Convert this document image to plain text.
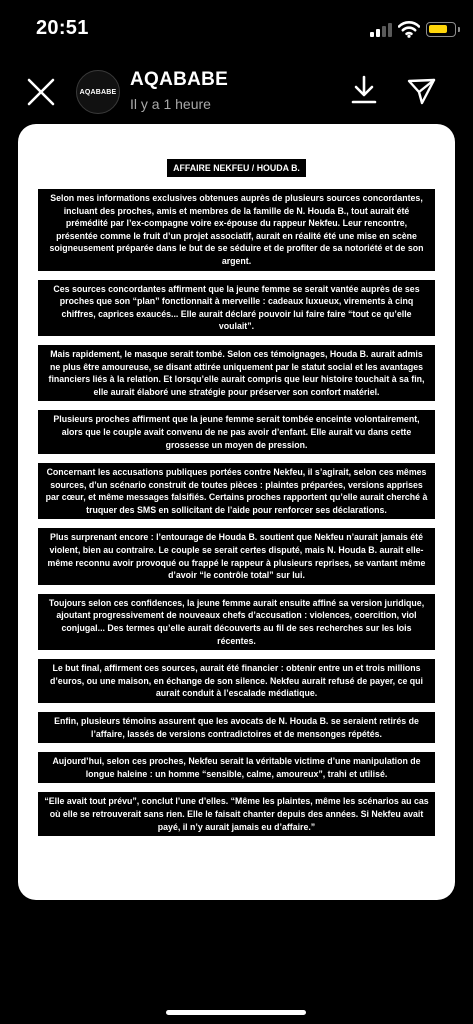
20:51
AQABABE
AQABABE
Il y a 1 heure
AFFAIRE NEKFEU / HOUDA B.
Selon mes informations exclusives obtenues auprès de plusieurs sources concordantes, incluant des proches, amis et membres de la famille de N. Houda B., tout aurait été prémédité par l’ex-compagne voire ex-épouse du rappeur Nekfeu. Leur rencontre, présentée comme le fruit d’un projet associatif, aurait en réalité été une mise en scène soigneusement préparée dans le but de se séduire et de profiter de sa notoriété et de son argent.
Ces sources concordantes affirment que la jeune femme se serait vantée auprès de ses proches que son “plan” fonctionnait à merveille : cadeaux luxueux, virements à cinq chiffres, caprices exaucés... Elle aurait déclaré pouvoir lui faire faire “tout ce qu’elle voulait”.
Mais rapidement, le masque serait tombé. Selon ces témoignages, Houda B. aurait admis ne plus être amoureuse, se disant attirée uniquement par le statut social et les avantages financiers liés à la relation. Et lorsqu’elle aurait compris que leur histoire touchait à sa fin, elle aurait élaboré une stratégie pour préserver son confort matériel.
Plusieurs proches affirment que la jeune femme serait tombée enceinte volontairement, alors que le couple avait convenu de ne pas avoir d’enfant. Elle aurait vu dans cette grossesse un moyen de pression.
Concernant les accusations publiques portées contre Nekfeu, il s’agirait, selon ces mêmes sources, d’un scénario construit de toutes pièces : plaintes préparées, versions apprises par cœur, et même messages falsifiés. Certains proches rapportent qu’elle aurait cherché à truquer des SMS en sollicitant de l’aide pour renforcer ses déclarations.
Plus surprenant encore : l’entourage de Houda B. soutient que Nekfeu n’aurait jamais été violent, bien au contraire. Le couple se serait certes disputé, mais N. Houda B. aurait elle-même reconnu avoir provoqué ou frappé le rappeur à plusieurs reprises, se vantant même d’avoir “le contrôle total” sur lui.
Toujours selon ces confidences, la jeune femme aurait ensuite affiné sa version juridique, ajoutant progressivement de nouveaux chefs d’accusation : violences, coercition, viol conjugal... Des termes qu’elle aurait découverts au fil de ses recherches sur les lois récentes.
Le but final, affirment ces sources, aurait été financier : obtenir entre un et trois millions d’euros, ou une maison, en échange de son silence. Nekfeu aurait refusé de payer, ce qui aurait conduit à l’escalade médiatique.
Enfin, plusieurs témoins assurent que les avocats de N. Houda B. se seraient retirés de l’affaire, lassés de versions contradictoires et de mensonges répétés.
Aujourd’hui, selon ces proches, Nekfeu serait la véritable victime d’une manipulation de longue haleine : un homme “sensible, calme, amoureux”, trahi et utilisé.
“Elle avait tout prévu”, conclut l’une d’elles. “Même les plaintes, même les scénarios au cas où elle se retrouverait sans rien. Elle le faisait chanter depuis des années. Si Nekfeu avait payé, il n’y aurait jamais eu d’affaire.”
